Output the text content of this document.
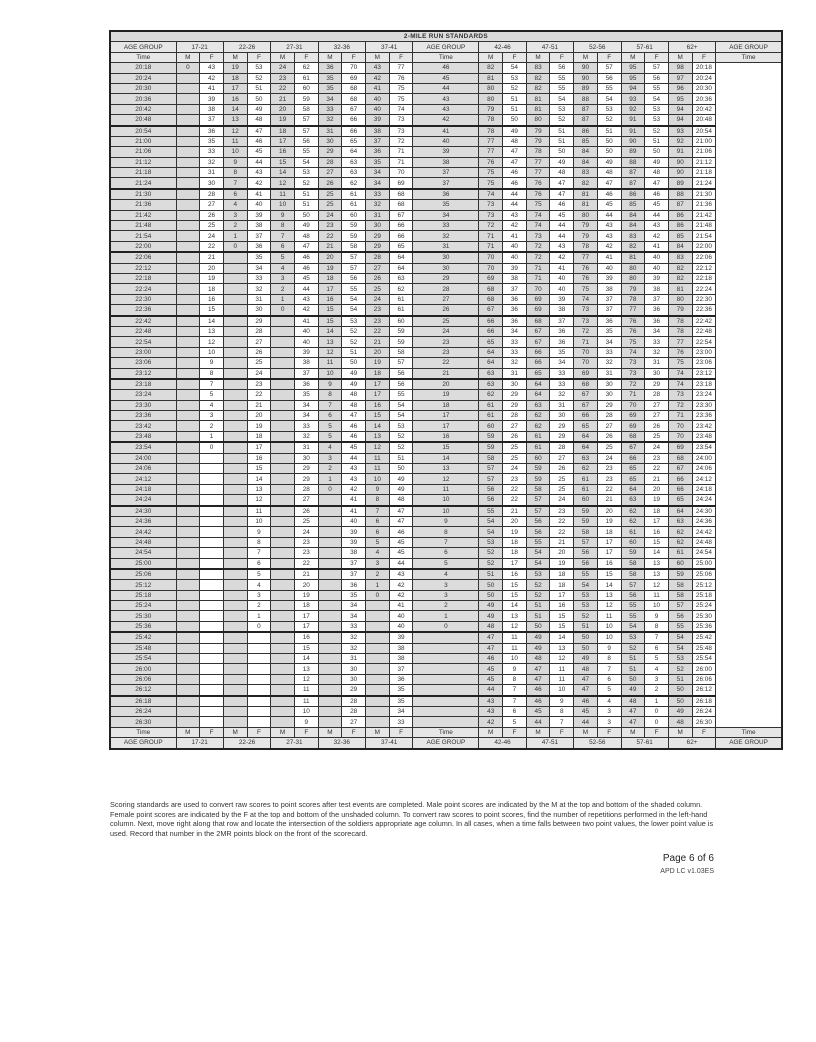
2-MILE RUN STANDARDS																						
AGE GROUP	17-21		22-26		27-31		32-36		37-41		AGE GROUP	42-46		47-51		52-56		57-61		62+		AGE GROUP
Time	M	F	M	F	M	F	M	F	M	F	Time	M	F	M	F	M	F	M	F	M	F	Time
20:18	0	43	19	53	24	62	36	70	43	77	46	82	54	83	56	90	57	95	57	98	20:18	
20:24		42	18	52	23	61	35	69	42	76	45	81	53	82	55	90	56	95	56	97	20:24	
20:30		41	17	51	22	60	35	68	41	75	44	80	52	82	55	89	55	94	55	96	20:30	
20:36		39	16	50	21	59	34	68	40	75	43	80	51	81	54	88	54	93	54	95	20:36	
20:42		38	14	49	20	58	33	67	40	74	43	79	51	81	53	87	53	92	53	94	20:42	
20:48		37	13	48	19	57	32	66	39	73	42	78	50	80	52	87	52	91	53	94	20:48	
20:54		36	12	47	18	57	31	66	38	73	41	78	49	79	51	86	51	91	52	93	20:54	
21:00		35	11	46	17	56	30	65	37	72	40	77	48	79	51	85	50	90	51	92	21:00	
21:06		33	10	45	16	55	29	64	36	71	39	77	47	78	50	84	50	89	50	91	21:06	
21:12		32	9	44	15	54	28	63	35	71	38	76	47	77	49	84	49	88	49	90	21:12	
21:18		31	8	43	14	53	27	63	34	70	37	75	46	77	48	83	48	87	48	90	21:18	
21:24		30	7	42	12	52	26	62	34	69	37	75	46	76	47	82	47	87	47	89	21:24	
21:30		28	6	41	11	51	25	61	33	68	36	74	44	76	47	81	46	86	46	88	21:30	
21:36		27	4	40	10	51	25	61	32	68	35	73	44	75	46	81	45	85	45	87	21:36	
21:42		26	3	39	9	50	24	60	31	67	34	73	43	74	45	80	44	84	44	86	21:42	
21:48		25	2	38	8	49	23	59	30	66	33	72	42	74	44	79	43	84	43	86	21:48	
21:54		24	1	37	7	48	22	59	29	66	32	71	41	73	44	79	43	83	42	85	21:54	
22:00		22	0	36	6	47	21	58	29	65	31	71	40	72	43	78	42	82	41	84	22:00	
22:06		21		35	5	46	20	57	28	64	30	70	40	72	42	77	41	81	40	83	22:06	
22:12		20		34	4	46	19	57	27	64	30	70	39	71	41	76	40	80	40	82	22:12	
22:18		19		33	3	45	18	56	26	63	29	69	38	71	40	76	39	80	39	82	22:18	
22:24		18		32	2	44	17	55	25	62	28	68	37	70	40	75	38	79	38	81	22:24	
22:30		16		31	1	43	16	54	24	61	27	68	36	69	39	74	37	78	37	80	22:30	
22:36		15		30	0	42	15	54	23	61	26	67	36	69	38	73	37	77	36	79	22:36	
22:42		14		29		41	15	53	23	60	25	66	36	68	37	73	36	76	36	78	22:42	
22:48		13		28		40	14	52	22	59	24	66	34	67	36	72	35	76	34	78	22:48	
22:54		12		27		40	13	52	21	59	23	65	33	67	36	71	34	75	33	77	22:54	
23:00		10		26		39	12	51	20	58	23	64	33	66	35	70	33	74	32	76	23:00	
23:06		9		25		38	11	50	19	57	22	64	32	66	34	70	32	73	31	75	23:06	
23:12		8		24		37	10	49	18	56	21	63	31	65	33	69	31	73	30	74	23:12	
23:18		7		23		36	9	49	17	56	20	63	30	64	33	68	30	72	29	74	23:18	
23:24		5		22		35	8	48	17	55	19	62	29	64	32	67	30	71	28	73	23:24	
23:30		4		21		34	7	48	16	54	18	61	29	63	31	67	29	70	27	72	23:30	
23:36		3		20		34	6	47	15	54	17	61	28	62	30	66	28	69	27	71	23:36	
23:42		2		19		33	5	46	14	53	17	60	27	62	29	65	27	69	26	70	23:42	
23:48		1		18		32	5	46	13	52	16	59	26	61	29	64	26	68	25	70	23:48	
23:54		0		17		31	4	45	12	52	15	59	25	61	28	64	25	67	24	69	23:54	
24:00				16		30	3	44	11	51	14	58	25	60	27	63	24	66	23	68	24:00	
24:06				15		29	2	43	11	50	13	57	24	59	26	62	23	65	22	67	24:06	
24:12				14		29	1	43	10	49	12	57	23	59	25	61	23	65	21	66	24:12	
24:18				13		28	0	42	9	49	11	56	22	58	25	61	22	64	20	66	24:18	
24:24				12		27		41	8	48	10	56	22	57	24	60	21	63	19	65	24:24	
24:30				11		26		41	7	47	10	55	21	57	23	59	20	62	18	64	24:30	
24:36				10		25		40	6	47	9	54	20	56	22	59	19	62	17	63	24:36	
24:42				9		24		39	6	46	8	54	19	56	22	58	18	61	16	62	24:42	
24:48				8		23		39	5	45	7	53	18	55	21	57	17	60	15	62	24:48	
24:54				7		23		38	4	45	6	52	18	54	20	56	17	59	14	61	24:54	
25:00				6		22		37	3	44	5	52	17	54	19	56	16	58	13	60	25:00	
25:06				5		21		37	2	43	4	51	16	53	18	55	15	58	13	59	25:06	
25:12				4		20		36	1	42	3	50	15	52	18	54	14	57	12	58	25:12	
25:18				3		19		35	0	42	3	50	15	52	17	53	13	56	11	58	25:18	
25:24				2		18		34		41	2	49	14	51	16	53	12	55	10	57	25:24	
25:30				1		17		34		40	1	49	13	51	15	52	11	55	9	56	25:30	
25:36				0		17		33		40	0	48	12	50	15	51	10	54	8	55	25:36	
25:42						16		32		39		47	11	49	14	50	10	53	7	54	25:42	
25:48						15		32		38		47	11	49	13	50	9	52	6	54	25:48	
25:54						14		31		38		46	10	48	12	49	8	51	5	53	25:54	
26:00						13		30		37		45	9	47	11	48	7	51	4	52	26:00	
26:06						12		30		36		45	8	47	11	47	6	50	3	51	26:06	
26:12						11		29		35		44	7	46	10	47	5	49	2	50	26:12	
26:18						11		28		35		43	7	46	9	46	4	48	1	50	26:18	
26:24						10		28		34		43	6	45	8	45	3	47	0	49	26:24	
26:30						9		27		33		42	5	44	7	44	3	47	0	48	26:30	
Time	M	F	M	F	M	F	M	F	M	F	Time	M	F	M	F	M	F	M	F	M	F	Time
AGE GROUP	17-21		22-26		27-31		32-36		37-41		AGE GROUP	42-46		47-51		52-56		57-61		62+		AGE GROUP
Scoring standards are used to convert raw scores to point scores after test events are completed. Male point scores are indicated by the M at the top and bottom of the shaded column. Female point scores are indicated by the F at the top and bottom of the unshaded column. To convert raw scores to point scores, find the number of repetitions performed in the left-hand column. Next, move right along that row and locate the intersection of the soldiers appropriate age column. In all cases, when a time falls between two point values, the lower point value is used. Record that number in the 2MR points block on the front of the scorecard.
Page 6 of 6
APD LC v1.03ES
